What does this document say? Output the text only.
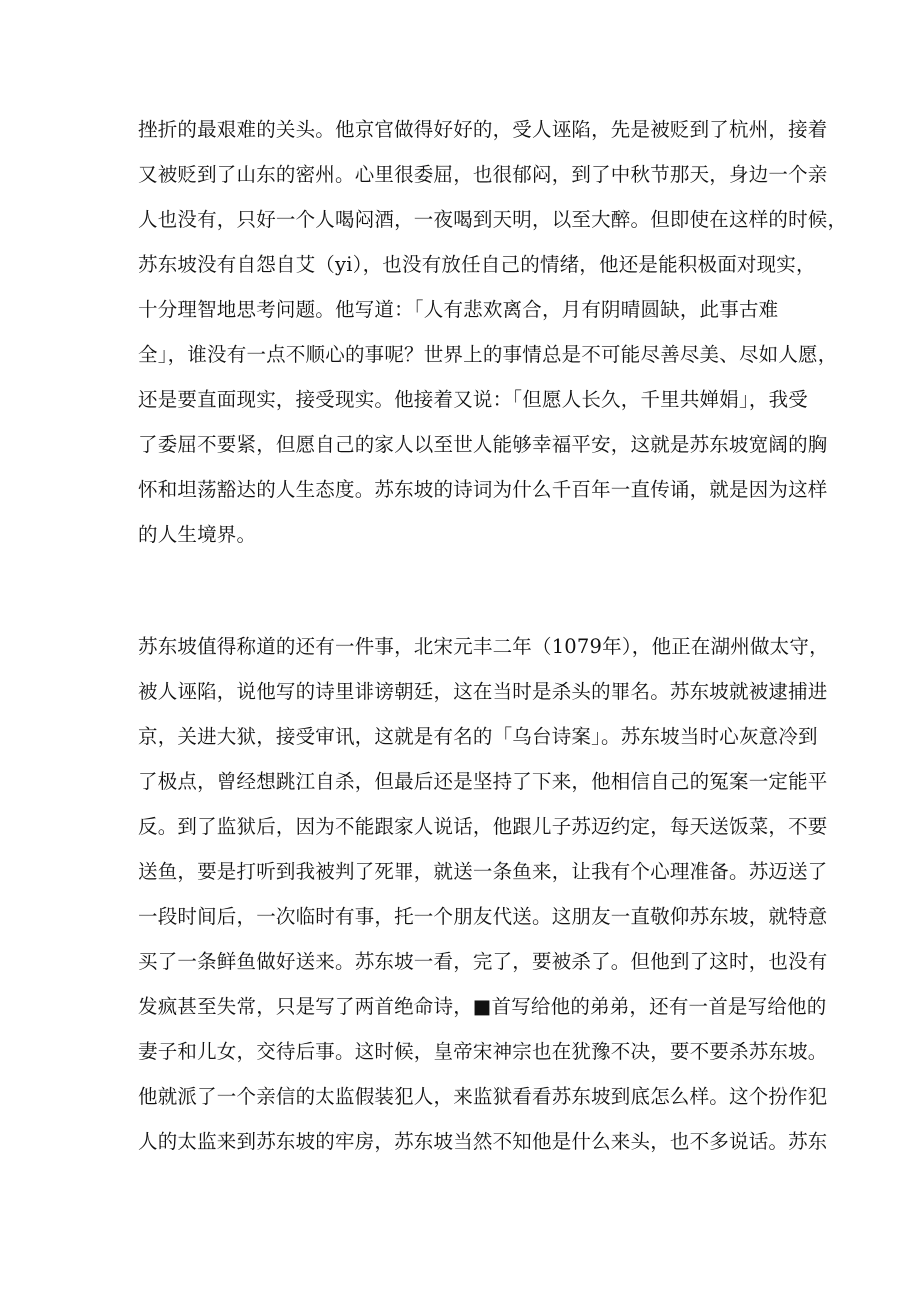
挫折的最艰难的关头。他京官做得好好的，受人诬陷，先是被贬到了杭州，接着
又被贬到了山东的密州。心里很委屈，也很郁闷，到了中秋节那天，身边一个亲
人也没有，只好一个人喝闷酒，一夜喝到天明，以至大醉。但即使在这样的时候，
苏东坡没有自怨自艾（yi），也没有放任自己的情绪，他还是能积极面对现实，
十分理智地思考问题。他写道：「人有悲欢离合，月有阴晴圆缺，此事古难
全」，谁没有一点不顺心的事呢？世界上的事情总是不可能尽善尽美、尽如人愿，
还是要直面现实，接受现实。他接着又说：「但愿人长久，千里共婵娟」，我受
了委屈不要紧，但愿自己的家人以至世人能够幸福平安，这就是苏东坡宽阔的胸
怀和坦荡豁达的人生态度。苏东坡的诗词为什么千百年一直传诵，就是因为这样
的人生境界。
苏东坡值得称道的还有一件事，北宋元丰二年（1079年），他正在湖州做太守，
被人诬陷，说他写的诗里诽谤朝廷，这在当时是杀头的罪名。苏东坡就被逮捕进
京，关进大狱，接受审讯，这就是有名的「乌台诗案」。苏东坡当时心灰意冷到
了极点，曾经想跳江自杀，但最后还是坚持了下来，他相信自己的冤案一定能平
反。到了监狱后，因为不能跟家人说话，他跟儿子苏迈约定，每天送饭菜，不要
送鱼，要是打听到我被判了死罪，就送一条鱼来，让我有个心理准备。苏迈送了
一段时间后，一次临时有事，托一个朋友代送。这朋友一直敬仰苏东坡，就特意
买了一条鲜鱼做好送来。苏东坡一看，完了，要被杀了。但他到了这时，也没有
发疯甚至失常，只是写了两首绝命诗，■首写给他的弟弟，还有一首是写给他的
妻子和儿女，交待后事。这时候，皇帝宋神宗也在犹豫不决，要不要杀苏东坡。
他就派了一个亲信的太监假装犯人，来监狱看看苏东坡到底怎么样。这个扮作犯
人的太监来到苏东坡的牢房，苏东坡当然不知他是什么来头，也不多说话。苏东
